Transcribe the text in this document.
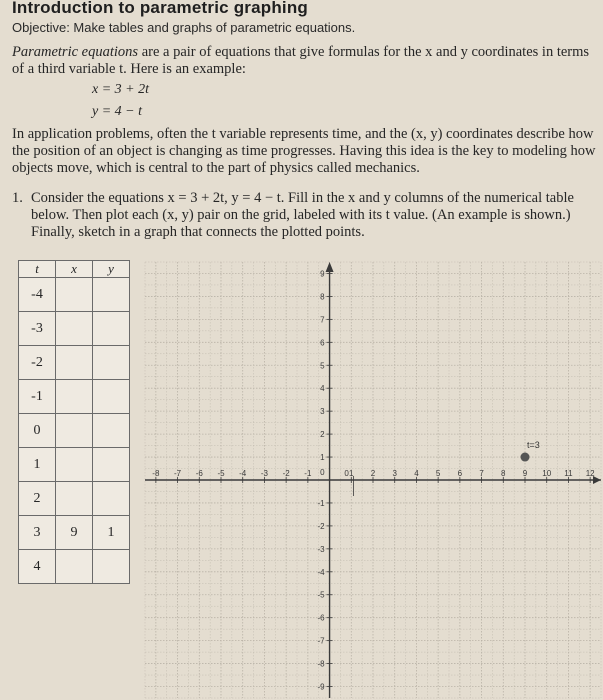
Introduction to parametric graphing
Objective: Make tables and graphs of parametric equations.
Parametric equations are a pair of equations that give formulas for the x and y coordinates in terms of a third variable t. Here is an example:
x = 3 + 2t
y = 4 − t
In application problems, often the t variable represents time, and the (x, y) coordinates describe how the position of an object is changing as time progresses. Having this idea is the key to modeling how objects move, which is central to the part of physics called mechanics.
1. Consider the equations x = 3 + 2t, y = 4 − t. Fill in the x and y columns of the numerical table below. Then plot each (x, y) pair on the grid, labeled with its t value. (An example is shown.) Finally, sketch in a graph that connects the plotted points.
t	x	y
-4		
-3		
-2		
-1		
0		
1		
2		
3	9	1
4		
-8 -7 -6 -5 -4 -3 -2 -1	0 1 2 3 4 5 6 7 8 9 10 11 12
9
8
7
6
5
4
3
2
1
-1
-2
-3
-4
-5
-6
-7
-8
-9
0
t=3
